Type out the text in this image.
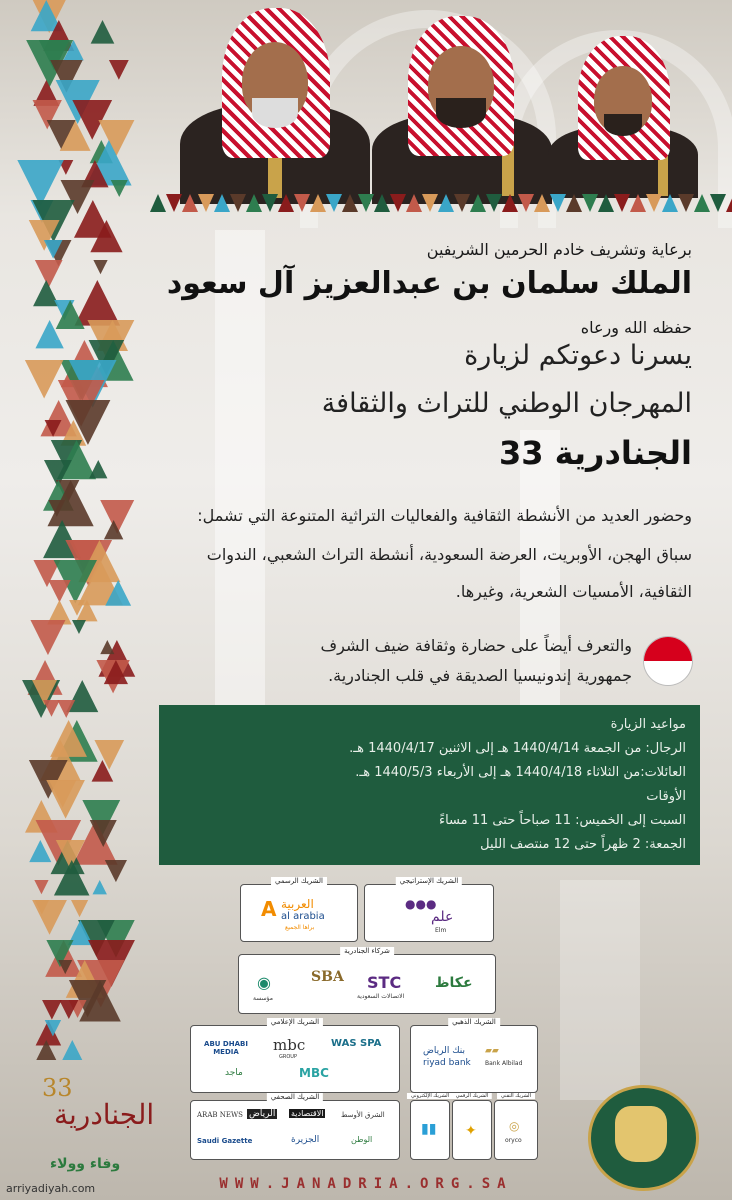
برعاية وتشريف خادم الحرمين الشريفين
الملك سلمان بن عبدالعزيز آل سعود
حفظه الله ورعاه
يسرنا دعوتكم لزيارة
المهرجان الوطني للتراث والثقافة
الجنادرية 33
وحضور العديد من الأنشطة الثقافية والفعاليات التراثية المتنوعة التي تشمل:
سباق الهجن، الأوبريت، العرضة السعودية، أنشطة التراث الشعبي، الندوات
الثقافية، الأمسيات الشعرية، وغيرها.
والتعرف أيضاً على حضارة وثقافة ضيف الشرف
جمهورية إندونيسيا الصديقة في قلب الجنادرية.
مواعيد الزيارة
الرجال: من الجمعة 1440/4/14 هـ إلى الاثنين 1440/4/17 هـ.
العائلات:من الثلاثاء 1440/4/18 هـ إلى الأربعاء 1440/5/3 هـ.
الأوقات
السبت إلى الخميس: 11 صباحاً حتى 11 مساءً
الجمعة: 2 ظهراً حتى 12 منتصف الليل
الشريك الرسمي
A العربية
al arabia
براها الجميع
الشريك الإستراتيجي
●●●
علم
Elm
شركاء الجنادرية
عكاظ
STC
الاتصالات السعودية
SBA
◉
مؤسسة
الشريك الإعلامي
ABU DHABI MEDIA	mbc
GROUP
WAS SPA
ماجد	MBC
الشريك الذهبي
بنك الرياض
riyad bank
▰▰
Bank Albilad
الشريك الصحفي
ARAB NEWS الرياض الاقتصادية	الشرق الأوسط
Saudi Gazette	الجزيرة	الوطن
الشريك الإلكتروني
▮▮
الشريك الرقمي
✦
الشريك التقني
◎
oryco
33
الجنادرية
وفاء وولاء
WWW.JANADRIA.ORG.SA
arriyadiyah.com
